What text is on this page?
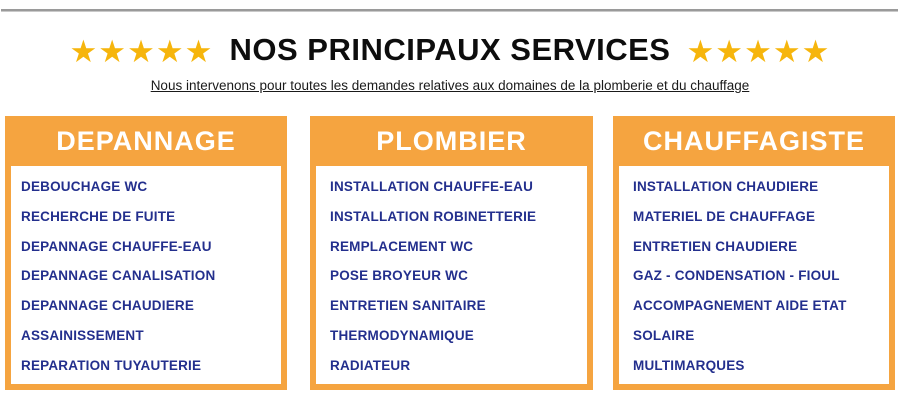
★★★★★ NOS PRINCIPAUX SERVICES ★★★★★
Nous intervenons pour toutes les demandes relatives aux domaines de la plomberie et du chauffage
DEPANNAGE
DEBOUCHAGE WC
RECHERCHE DE FUITE
DEPANNAGE CHAUFFE-EAU
DEPANNAGE CANALISATION
DEPANNAGE CHAUDIERE
ASSAINISSEMENT
REPARATION TUYAUTERIE
PLOMBIER
INSTALLATION CHAUFFE-EAU
INSTALLATION ROBINETTERIE
REMPLACEMENT WC
POSE BROYEUR WC
ENTRETIEN SANITAIRE
THERMODYNAMIQUE
RADIATEUR
CHAUFFAGISTE
INSTALLATION CHAUDIERE
MATERIEL DE CHAUFFAGE
ENTRETIEN CHAUDIERE
GAZ - CONDENSATION - FIOUL
ACCOMPAGNEMENT AIDE ETAT
SOLAIRE
MULTIMARQUES
